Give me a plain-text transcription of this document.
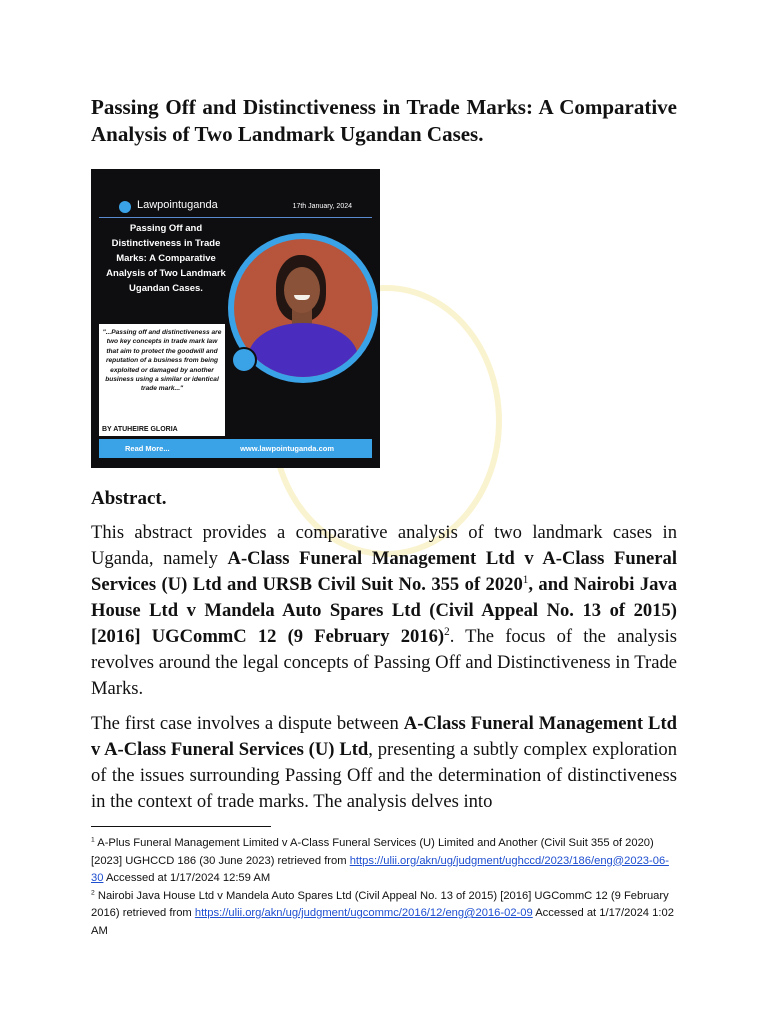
Passing Off and Distinctiveness in Trade Marks: A Comparative Analysis of Two Landmark Ugandan Cases.
Lawpointuganda	17th January, 2024
Passing Off and Distinctiveness in Trade Marks: A Comparative Analysis of Two Landmark Ugandan Cases.
"...Passing off and distinctiveness are two key concepts in trade mark law that aim to protect the goodwill and reputation of a business from being exploited or damaged by another business using a similar or identical trade mark..."
BY ATUHEIRE GLORIA
Read More...	www.lawpointuganda.com
Abstract.

This abstract provides a comparative analysis of two landmark cases in Uganda, namely A-Class Funeral Management Ltd v A-Class Funeral Services (U) Ltd and URSB Civil Suit No. 355 of 2020$^1$, and Nairobi Java House Ltd v Mandela Auto Spares Ltd (Civil Appeal No. 13 of 2015) [2016] UGCommC 12 (9 February 2016)$^2$. The focus of the analysis revolves around the legal concepts of Passing Off and Distinctiveness in Trade Marks.

The first case involves a dispute between A-Class Funeral Management Ltd v A-Class Funeral Services (U) Ltd, presenting a subtly complex exploration of the issues surrounding Passing Off and the determination of distinctiveness in the context of trade marks. The analysis delves into

$^1$ A-Plus Funeral Management Limited v A-Class Funeral Services (U) Limited and Another (Civil Suit 355 of 2020) [2023] UGHCCD 186 (30 June 2023) retrieved from https://ulii.org/akn/ug/judgment/ughccd/2023/186/eng@2023-06-30 Accessed at 1/17/2024 12:59 AM

$^2$ Nairobi Java House Ltd v Mandela Auto Spares Ltd (Civil Appeal No. 13 of 2015) [2016] UGCommC 12 (9 February 2016) retrieved from https://ulii.org/akn/ug/judgment/ugcommc/2016/12/eng@2016-02-09 Accessed at 1/17/2024 1:02 AM
